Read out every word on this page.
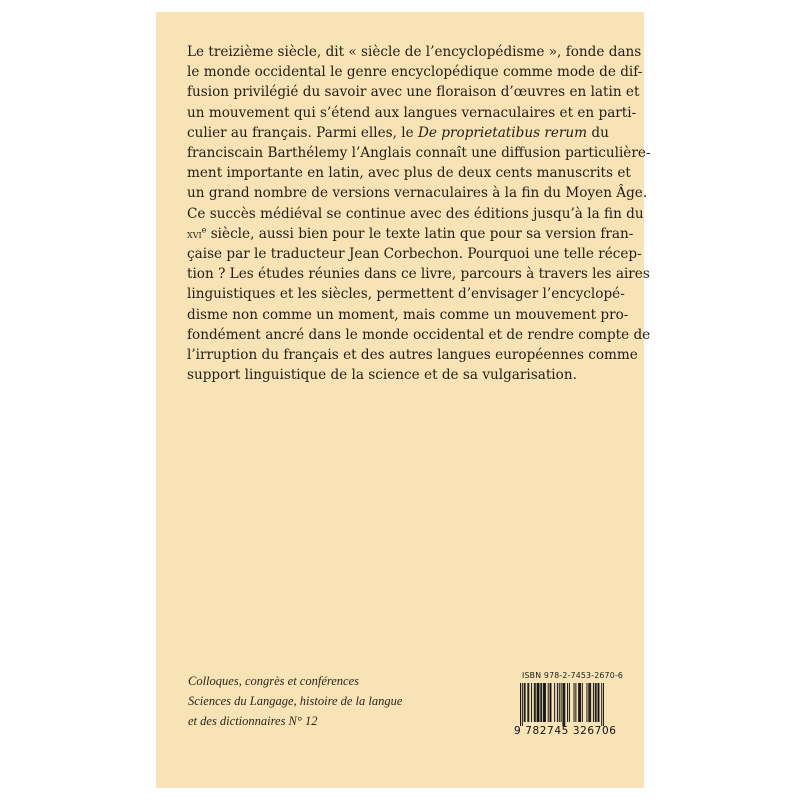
Le treizième siècle, dit « siècle de l’encyclopédisme », fonde dans
le monde occidental le genre encyclopédique comme mode de dif-
fusion privilégié du savoir avec une floraison d’œuvres en latin et
un mouvement qui s’étend aux langues vernaculaires et en parti-
culier au français. Parmi elles, le De proprietatibus rerum du
franciscain Barthélemy l’Anglais connaît une diffusion particulière-
ment importante en latin, avec plus de deux cents manuscrits et
un grand nombre de versions vernaculaires à la fin du Moyen Âge.
Ce succès médiéval se continue avec des éditions jusqu’à la fin du
xvi$^e$ siècle, aussi bien pour le texte latin que pour sa version fran-
çaise par le traducteur Jean Corbechon. Pourquoi une telle récep-
tion ? Les études réunies dans ce livre, parcours à travers les aires
linguistiques et les siècles, permettent d’envisager l’encyclopé-
disme non comme un moment, mais comme un mouvement pro-
fondément ancré dans le monde occidental et de rendre compte de
l’irruption du français et des autres langues européennes comme
support linguistique de la science et de sa vulgarisation.

Colloques, congrès et conférences
Sciences du Langage, histoire de la langue
et des dictionnaires N° 12
ISBN 978-2-7453-2670-6
9 782745 326706
